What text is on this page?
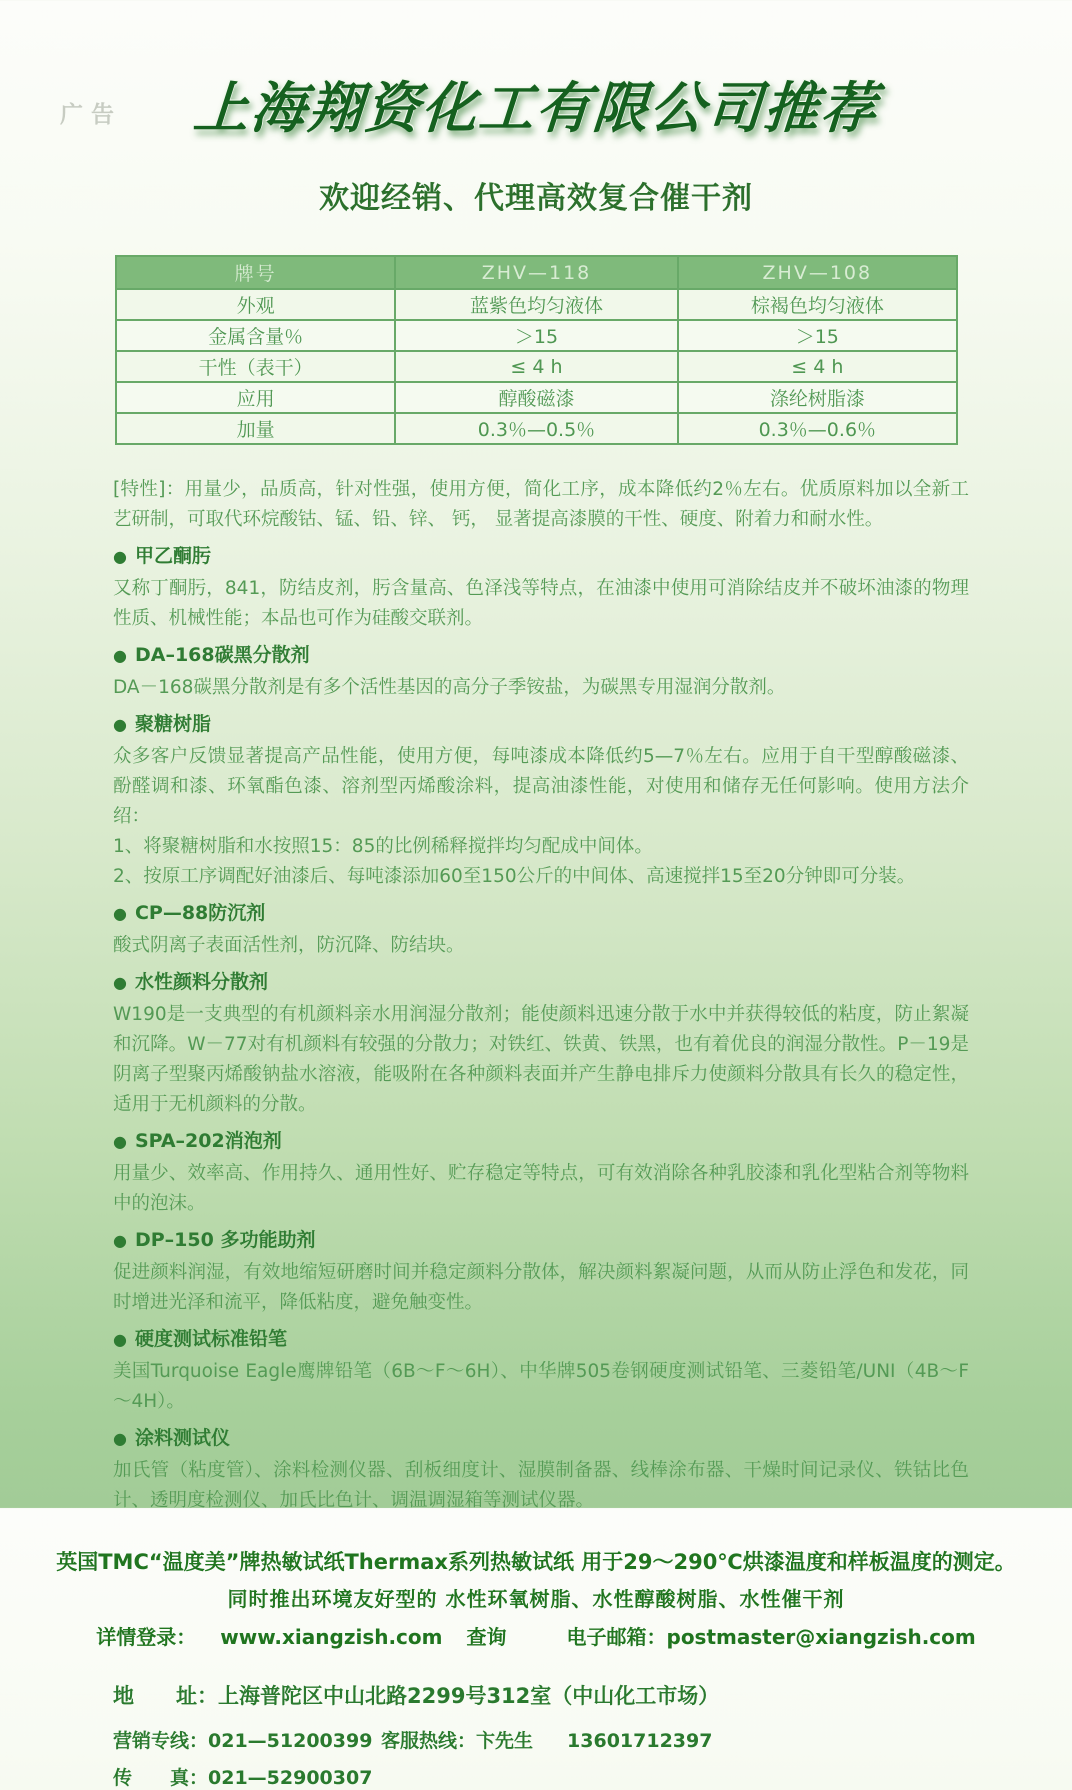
广告	上海翔资化工有限公司推荐
欢迎经销、代理高效复合催干剂
牌号	ZHV—118	ZHV—108
外观	蓝紫色均匀液体	棕褐色均匀液体
金属含量％	＞15	＞15
干性（表干）	≤ 4 h	≤ 4 h
应用	醇酸磁漆	涤纶树脂漆
加量	0.3％—0.5％	0.3％—0.6％

[特性]：用量少，品质高，针对性强，使用方便，简化工序，成本降低约2％左右。优质原料加以全新工艺研制，可取代环烷酸钴、锰、铅、锌、 钙， 显著提高漆膜的干性、硬度、附着力和耐水性。

● 甲乙酮肟

又称丁酮肟，841，防结皮剂，肟含量高、色泽浅等特点，在油漆中使用可消除结皮并不破坏油漆的物理性质、机械性能；本品也可作为硅酸交联剂。

● DA–168碳黑分散剂

DA－168碳黑分散剂是有多个活性基因的高分子季铵盐，为碳黑专用湿润分散剂。

● 聚糖树脂

众多客户反馈显著提高产品性能，使用方便，每吨漆成本降低约5—7％左右。应用于自干型醇酸磁漆、酚醛调和漆、环氧酯色漆、溶剂型丙烯酸涂料，提高油漆性能，对使用和储存无任何影响。使用方法介绍：

1、将聚糖树脂和水按照15：85的比例稀释搅拌均匀配成中间体。

2、按原工序调配好油漆后、每吨漆添加60至150公斤的中间体、高速搅拌15至20分钟即可分装。

● CP—88防沉剂

酸式阴离子表面活性剂，防沉降、防结块。

● 水性颜料分散剂

W190是一支典型的有机颜料亲水用润湿分散剂；能使颜料迅速分散于水中并获得较低的粘度，防止絮凝和沉降。W－77对有机颜料有较强的分散力；对铁红、铁黄、铁黑，也有着优良的润湿分散性。P－19是阴离子型聚丙烯酸钠盐水溶液，能吸附在各种颜料表面并产生静电排斥力使颜料分散具有长久的稳定性，适用于无机颜料的分散。

● SPA–202消泡剂

用量少、效率高、作用持久、通用性好、贮存稳定等特点，可有效消除各种乳胶漆和乳化型粘合剂等物料中的泡沫。

● DP–150 多功能助剂

促进颜料润湿，有效地缩短研磨时间并稳定颜料分散体，解决颜料絮凝问题，从而从防止浮色和发花，同时增进光泽和流平，降低粘度，避免触变性。

● 硬度测试标准铅笔

美国Turquoise Eagle鹰牌铅笔（6B～F～6H）、中华牌505卷钢硬度测试铅笔、三菱铅笔/UNI（4B～F～4H）。

● 涂料测试仪

加氏管（粘度管）、涂料检测仪器、刮板细度计、湿膜制备器、线棒涂布器、干燥时间记录仪、铁钴比色计、透明度检测仪、加氏比色计、调温调湿箱等测试仪器。

英国TMC“温度美”牌热敏试纸Thermax系列热敏试纸 用于29～290℃烘漆温度和样板温度的测定。

同时推出环境友好型的 水性环氧树脂、水性醇酸树脂、水性催干剂

详情登录： www.xiangzish.com 查询	电子邮箱：postmaster@xiangzish.com

地　　址：上海普陀区中山北路2299号312室（中山化工市场）

营销专线：021—51200399 客服热线：卞先生 13601712397

传　　真：021—52900307
